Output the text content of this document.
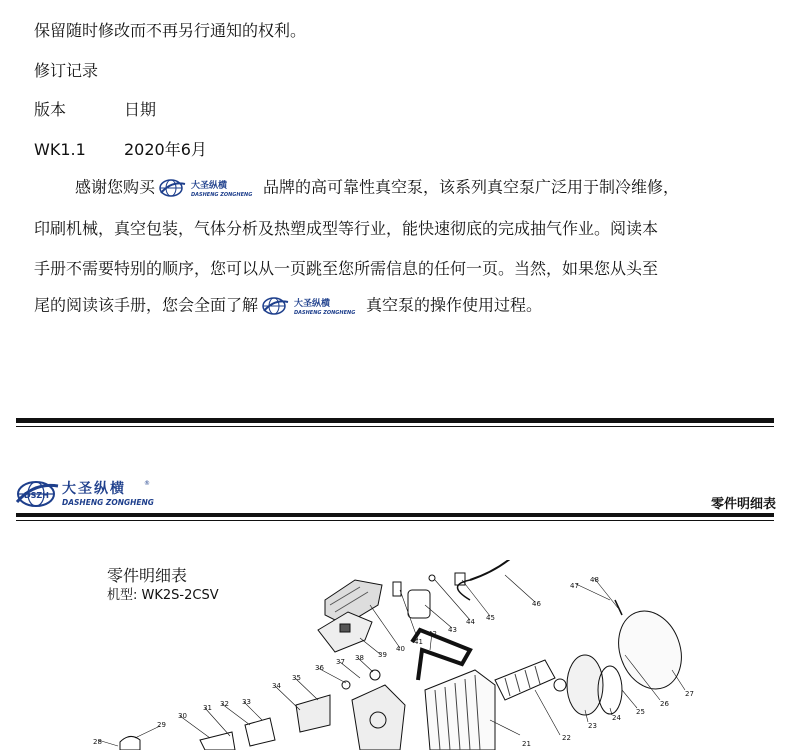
保留随时修改而不再另行通知的权利。
修订记录
版本	日期
WK1.1 2020年6月
感谢您购买	大圣纵横
DASHENG ZONGHENG 品牌的高可靠性真空泵，该系列真空泵广泛用于制冷维修，
印刷机械，真空包装，气体分析及热塑成型等行业，能快速彻底的完成抽气作业。阅读本
手册不需要特别的顺序，您可以从一页跳至您所需信息的任何一页。当然，如果您从头至
尾的阅读该手册，您会全面了解	大圣纵横
DASHENG ZONGHENG 真空泵的操作使用过程。
DSZH 大圣纵横	®
DASHENG ZONGHENG	零件明细表
零件明细表
机型: WK2S-2CSV
21
22
23
24
25
26
27
28
29
30
31 32 33
34
35
36
37 38 39
40
41
42 43
44 45
46
47
48
